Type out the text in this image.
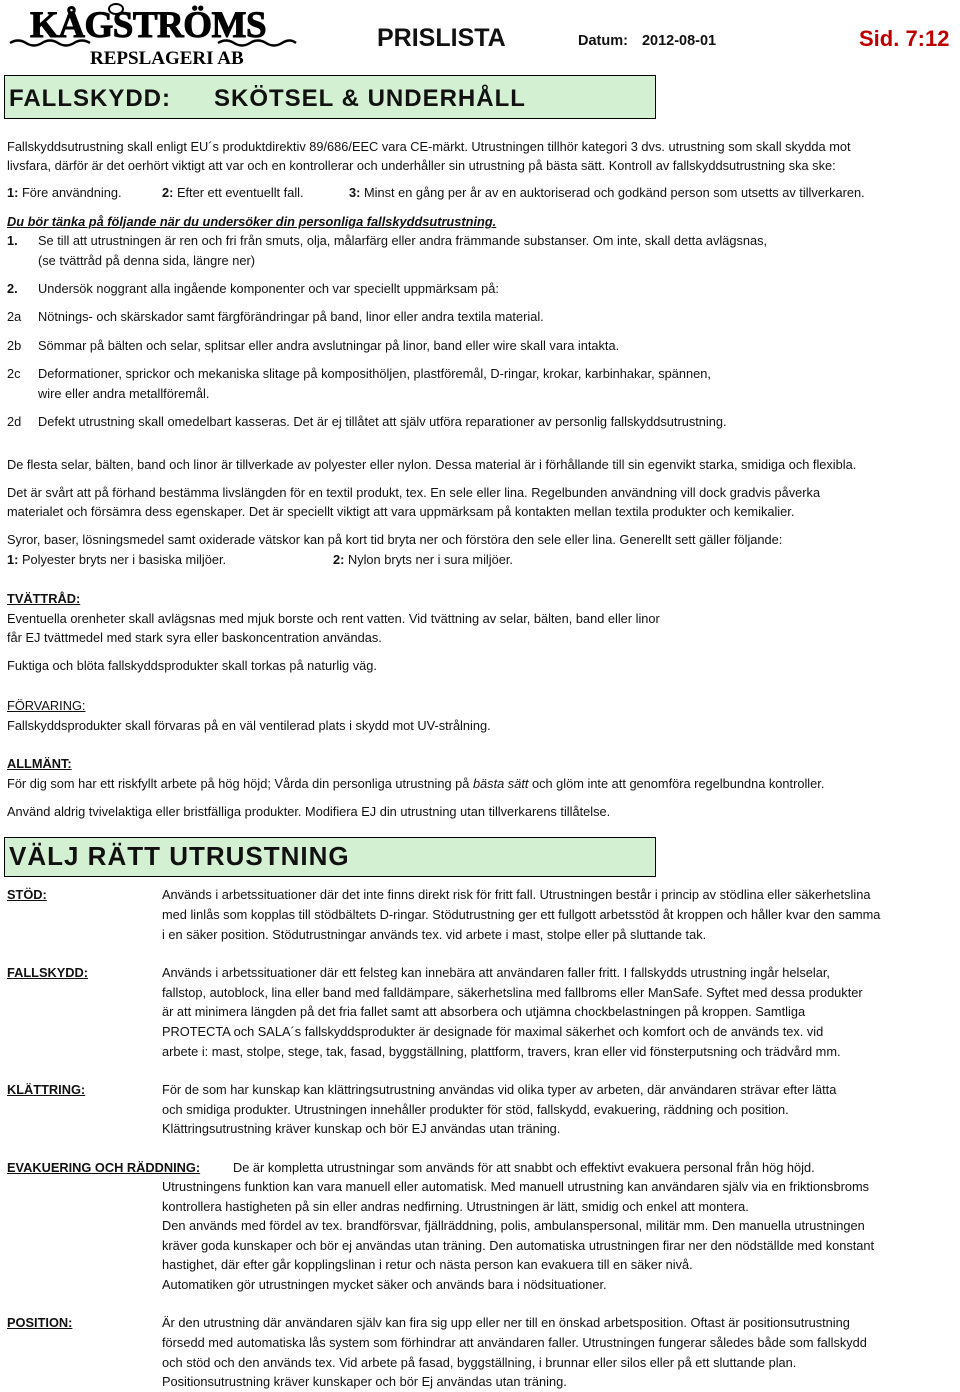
KÅGSTRÖMS
REPSLAGERI AB
PRISLISTA	Datum: 2012-08-01	Sid. 7:12
FALLSKYDD: SKÖTSEL & UNDERHÅLL
Fallskyddsutrustning skall enligt EU´s produktdirektiv 89/686/EEC vara CE-märkt. Utrustningen tillhör kategori 3 dvs. utrustning som skall skydda mot
livsfara, därför är det oerhört viktigt att var och en kontrollerar och underhåller sin utrustning på bästa sätt. Kontroll av fallskyddsutrustning ska ske:
1: Före användning.	2: Efter ett eventuellt fall.	3: Minst en gång per år av en auktoriserad och godkänd person som utsetts av tillverkaren.
Du bör tänka på följande när du undersöker din personliga fallskyddsutrustning.
1. Se till att utrustningen är ren och fri från smuts, olja, målarfärg eller andra främmande substanser. Om inte, skall detta avlägsnas,
(se tvättråd på denna sida, längre ner)
2. Undersök noggrant alla ingående komponenter och var speciellt uppmärksam på:
2a Nötnings- och skärskador samt färgförändringar på band, linor eller andra textila material.
2b Sömmar på bälten och selar, splitsar eller andra avslutningar på linor, band eller wire skall vara intakta.
2c Deformationer, sprickor och mekaniska slitage på komposithöljen, plastföremål, D-ringar, krokar, karbinhakar, spännen,
wire eller andra metallföremål.
2d Defekt utrustning skall omedelbart kasseras. Det är ej tillåtet att själv utföra reparationer av personlig fallskyddsutrustning.
De flesta selar, bälten, band och linor är tillverkade av polyester eller nylon. Dessa material är i förhållande till sin egenvikt starka, smidiga och flexibla.
Det är svårt att på förhand bestämma livslängden för en textil produkt, tex. En sele eller lina. Regelbunden användning vill dock gradvis påverka
materialet och försämra dess egenskaper. Det är speciellt viktigt att vara uppmärksam på kontakten mellan textila produkter och kemikalier.
Syror, baser, lösningsmedel samt oxiderade vätskor kan på kort tid bryta ner och förstöra den sele eller lina. Generellt sett gäller följande:
1: Polyester bryts ner i basiska miljöer.	2: Nylon bryts ner i sura miljöer.
TVÄTTRÅD:
Eventuella orenheter skall avlägsnas med mjuk borste och rent vatten. Vid tvättning av selar, bälten, band eller linor
får EJ tvättmedel med stark syra eller baskoncentration användas.
Fuktiga och blöta fallskyddsprodukter skall torkas på naturlig väg.
FÖRVARING:
Fallskyddsprodukter skall förvaras på en väl ventilerad plats i skydd mot UV-strålning.
ALLMÄNT:
För dig som har ett riskfyllt arbete på hög höjd; Vårda din personliga utrustning på bästa sätt och glöm inte att genomföra regelbundna kontroller.
Använd aldrig tvivelaktiga eller bristfälliga produkter. Modifiera EJ din utrustning utan tillverkarens tillåtelse.
VÄLJ RÄTT UTRUSTNING
STÖD:	Används i arbetssituationer där det inte finns direkt risk för fritt fall. Utrustningen består i princip av stödlina eller säkerhetslina
med linlås som kopplas till stödbältets D-ringar. Stödutrustning ger ett fullgott arbetsstöd åt kroppen och håller kvar den samma
i en säker position. Stödutrustningar används tex. vid arbete i mast, stolpe eller på sluttande tak.
FALLSKYDD:	Används i arbetssituationer där ett felsteg kan innebära att användaren faller fritt. I fallskydds utrustning ingår helselar,
fallstop, autoblock, lina eller band med falldämpare, säkerhetslina med fallbroms eller ManSafe. Syftet med dessa produkter
är att minimera längden på det fria fallet samt att absorbera och utjämna chockbelastningen på kroppen. Samtliga
PROTECTA och SALA´s fallskyddsprodukter är designade för maximal säkerhet och komfort och de används tex. vid
arbete i: mast, stolpe, stege, tak, fasad, byggställning, plattform, travers, kran eller vid fönsterputsning och trädvård mm.
KLÄTTRING:	För de som har kunskap kan klättringsutrustning användas vid olika typer av arbeten, där användaren strävar efter lätta
och smidiga produkter. Utrustningen innehåller produkter för stöd, fallskydd, evakuering, räddning och position.
Klättringsutrustning kräver kunskap och bör EJ användas utan träning.
EVAKUERING OCH RÄDDNING:	De är kompletta utrustningar som används för att snabbt och effektivt evakuera personal från hög höjd.
Utrustningens funktion kan vara manuell eller automatisk. Med manuell utrustning kan användaren själv via en friktionsbroms
kontrollera hastigheten på sin eller andras nedfirning. Utrustningen är lätt, smidig och enkel att montera.
Den används med fördel av tex. brandförsvar, fjällräddning, polis, ambulanspersonal, militär mm. Den manuella utrustningen
kräver goda kunskaper och bör ej användas utan träning. Den automatiska utrustningen firar ner den nödställde med konstant
hastighet, där efter går kopplingslinan i retur och nästa person kan evakuera till en säker nivå.
Automatiken gör utrustningen mycket säker och används bara i nödsituationer.
POSITION:	Är den utrustning där användaren själv kan fira sig upp eller ner till en önskad arbetsposition. Oftast är positionsutrustning
försedd med automatiska lås system som förhindrar att användaren faller. Utrustningen fungerar således både som fallskydd
och stöd och den används tex. Vid arbete på fasad, byggställning, i brunnar eller silos eller på ett sluttande plan.
Positionsutrustning kräver kunskaper och bör Ej användas utan träning.
